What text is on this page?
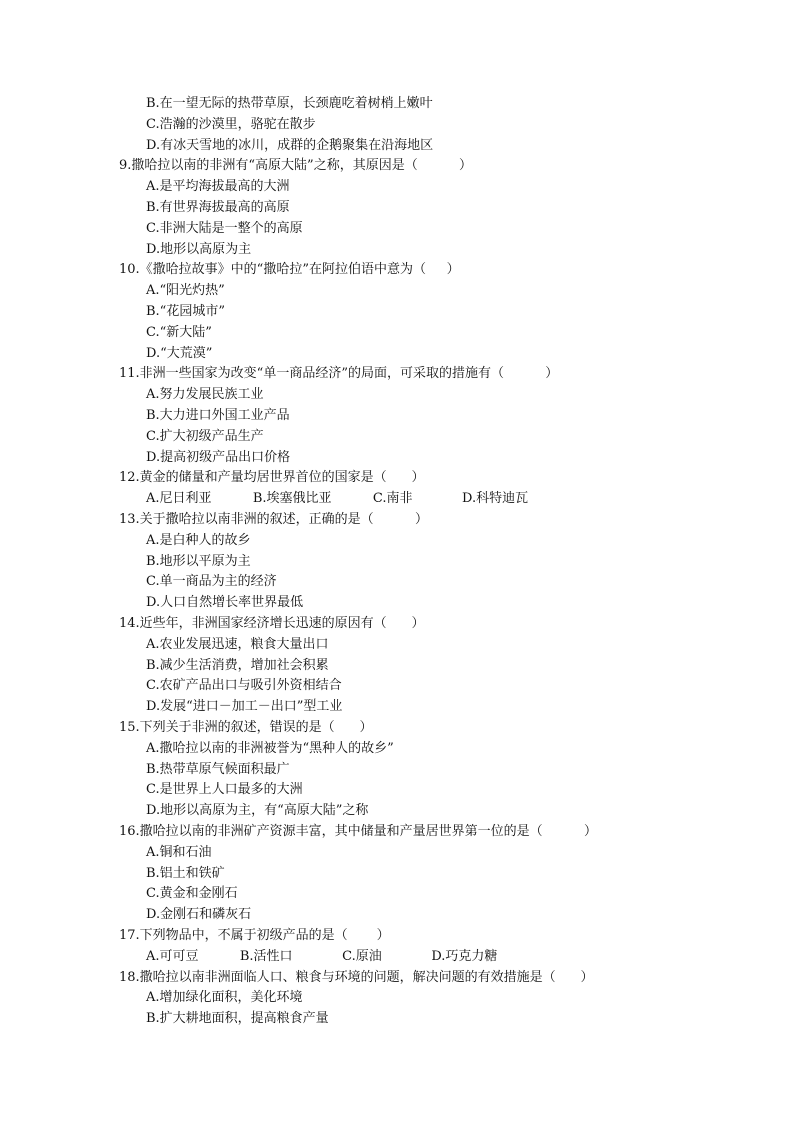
B.在一望无际的热带草原，长颈鹿吃着树梢上嫩叶
C.浩瀚的沙漠里，骆驼在散步
D.有冰天雪地的冰川，成群的企鹅聚集在沿海地区
9.撒哈拉以南的非洲有“高原大陆”之称，其原因是（          ）
A.是平均海拔最高的大洲
B.有世界海拔最高的高原
C.非洲大陆是一整个的高原
D.地形以高原为主
10.《撒哈拉故事》中的“撒哈拉”在阿拉伯语中意为（     ）
A.“阳光灼热”
B.“花园城市”
C.“新大陆”
D.“大荒漠”
11.非洲一些国家为改变“单一商品经济”的局面，可采取的措施有（          ）
A.努力发展民族工业
B.大力进口外国工业产品
C.扩大初级产品生产
D.提高初级产品出口价格
12.黄金的储量和产量均居世界首位的国家是（      ）
A.尼日利亚          B.埃塞俄比亚          C.南非            D.科特迪瓦
13.关于撒哈拉以南非洲的叙述，正确的是（          ）
A.是白种人的故乡
B.地形以平原为主
C.单一商品为主的经济
D.人口自然增长率世界最低
14.近些年，非洲国家经济增长迅速的原因有（      ）
A.农业发展迅速，粮食大量出口
B.减少生活消费，增加社会积累
C.农矿产品出口与吸引外资相结合
D.发展“进口－加工－出口”型工业
15.下列关于非洲的叙述，错误的是（      ）
A.撒哈拉以南的非洲被誉为“黑种人的故乡”
B.热带草原气候面积最广
C.是世界上人口最多的大洲
D.地形以高原为主，有“高原大陆”之称
16.撒哈拉以南的非洲矿产资源丰富，其中储量和产量居世界第一位的是（          ）
A.铜和石油
B.铝土和铁矿
C.黄金和金刚石
D.金刚石和磷灰石
17.下列物品中，不属于初级产品的是（       ）
A.可可豆          B.活性口            C.原油            D.巧克力糖
18.撒哈拉以南非洲面临人口、粮食与环境的问题，解决问题的有效措施是（      ）
A.增加绿化面积，美化环境
B.扩大耕地面积，提高粮食产量
